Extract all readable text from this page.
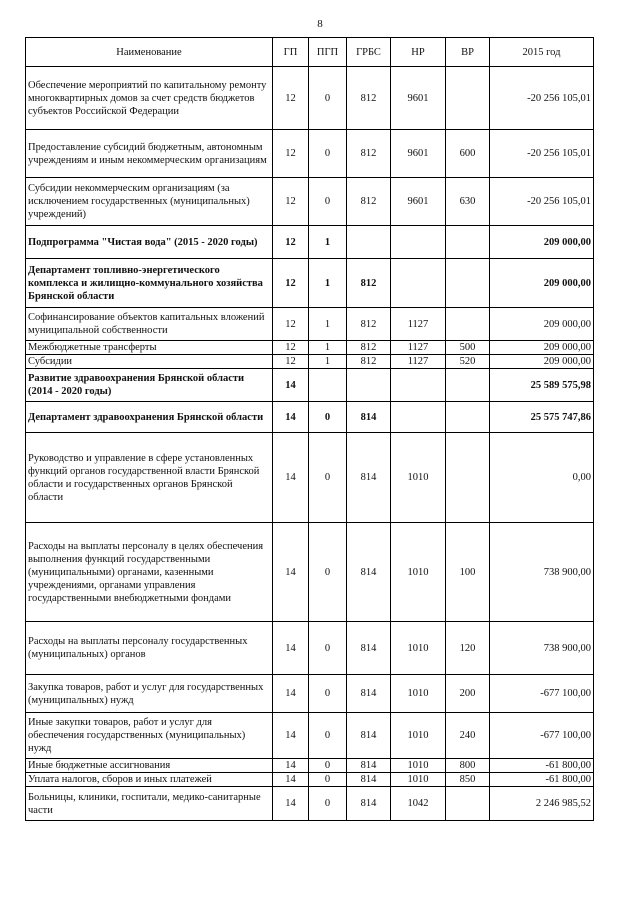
8
Наименование	ГП	ПГП	ГРБС	НР	ВР	2015 год
Обеспечение мероприятий по капитальному ремонту многоквартирных домов за счет средств бюджетов субъектов Российской Федерации	12	0	812	9601		-20 256 105,01
Предоставление субсидий бюджетным, автономным учреждениям и иным некоммерческим организациям	12	0	812	9601	600	-20 256 105,01
Субсидии некоммерческим организациям (за исключением государственных (муниципальных) учреждений)	12	0	812	9601	630	-20 256 105,01
Подпрограмма "Чистая вода" (2015 - 2020 годы)	12	1				209 000,00
Департамент топливно-энергетического комплекса и жилищно-коммунального хозяйства Брянской области	12	1	812			209 000,00
Софинансирование объектов капитальных вложений муниципальной собственности	12	1	812	1127		209 000,00
Межбюджетные трансферты	12	1	812	1127	500	209 000,00
Субсидии	12	1	812	1127	520	209 000,00
Развитие здравоохранения Брянской области (2014 - 2020 годы)	14					25 589 575,98
Департамент здравоохранения Брянской области	14	0	814			25 575 747,86
Руководство и управление в сфере установленных функций органов государственной власти Брянской области и государственных органов Брянской области	14	0	814	1010		0,00
Расходы на выплаты персоналу в целях обеспечения выполнения функций государственными (муниципальными) органами, казенными учреждениями, органами управления государственными внебюджетными фондами	14	0	814	1010	100	738 900,00
Расходы на выплаты персоналу государственных (муниципальных) органов	14	0	814	1010	120	738 900,00
Закупка товаров, работ и услуг для государственных (муниципальных) нужд	14	0	814	1010	200	-677 100,00
Иные закупки товаров, работ и услуг для обеспечения государственных (муниципальных) нужд	14	0	814	1010	240	-677 100,00
Иные бюджетные ассигнования	14	0	814	1010	800	-61 800,00
Уплата налогов, сборов и иных платежей	14	0	814	1010	850	-61 800,00
Больницы, клиники, госпитали, медико-санитарные части	14	0	814	1042		2 246 985,52
